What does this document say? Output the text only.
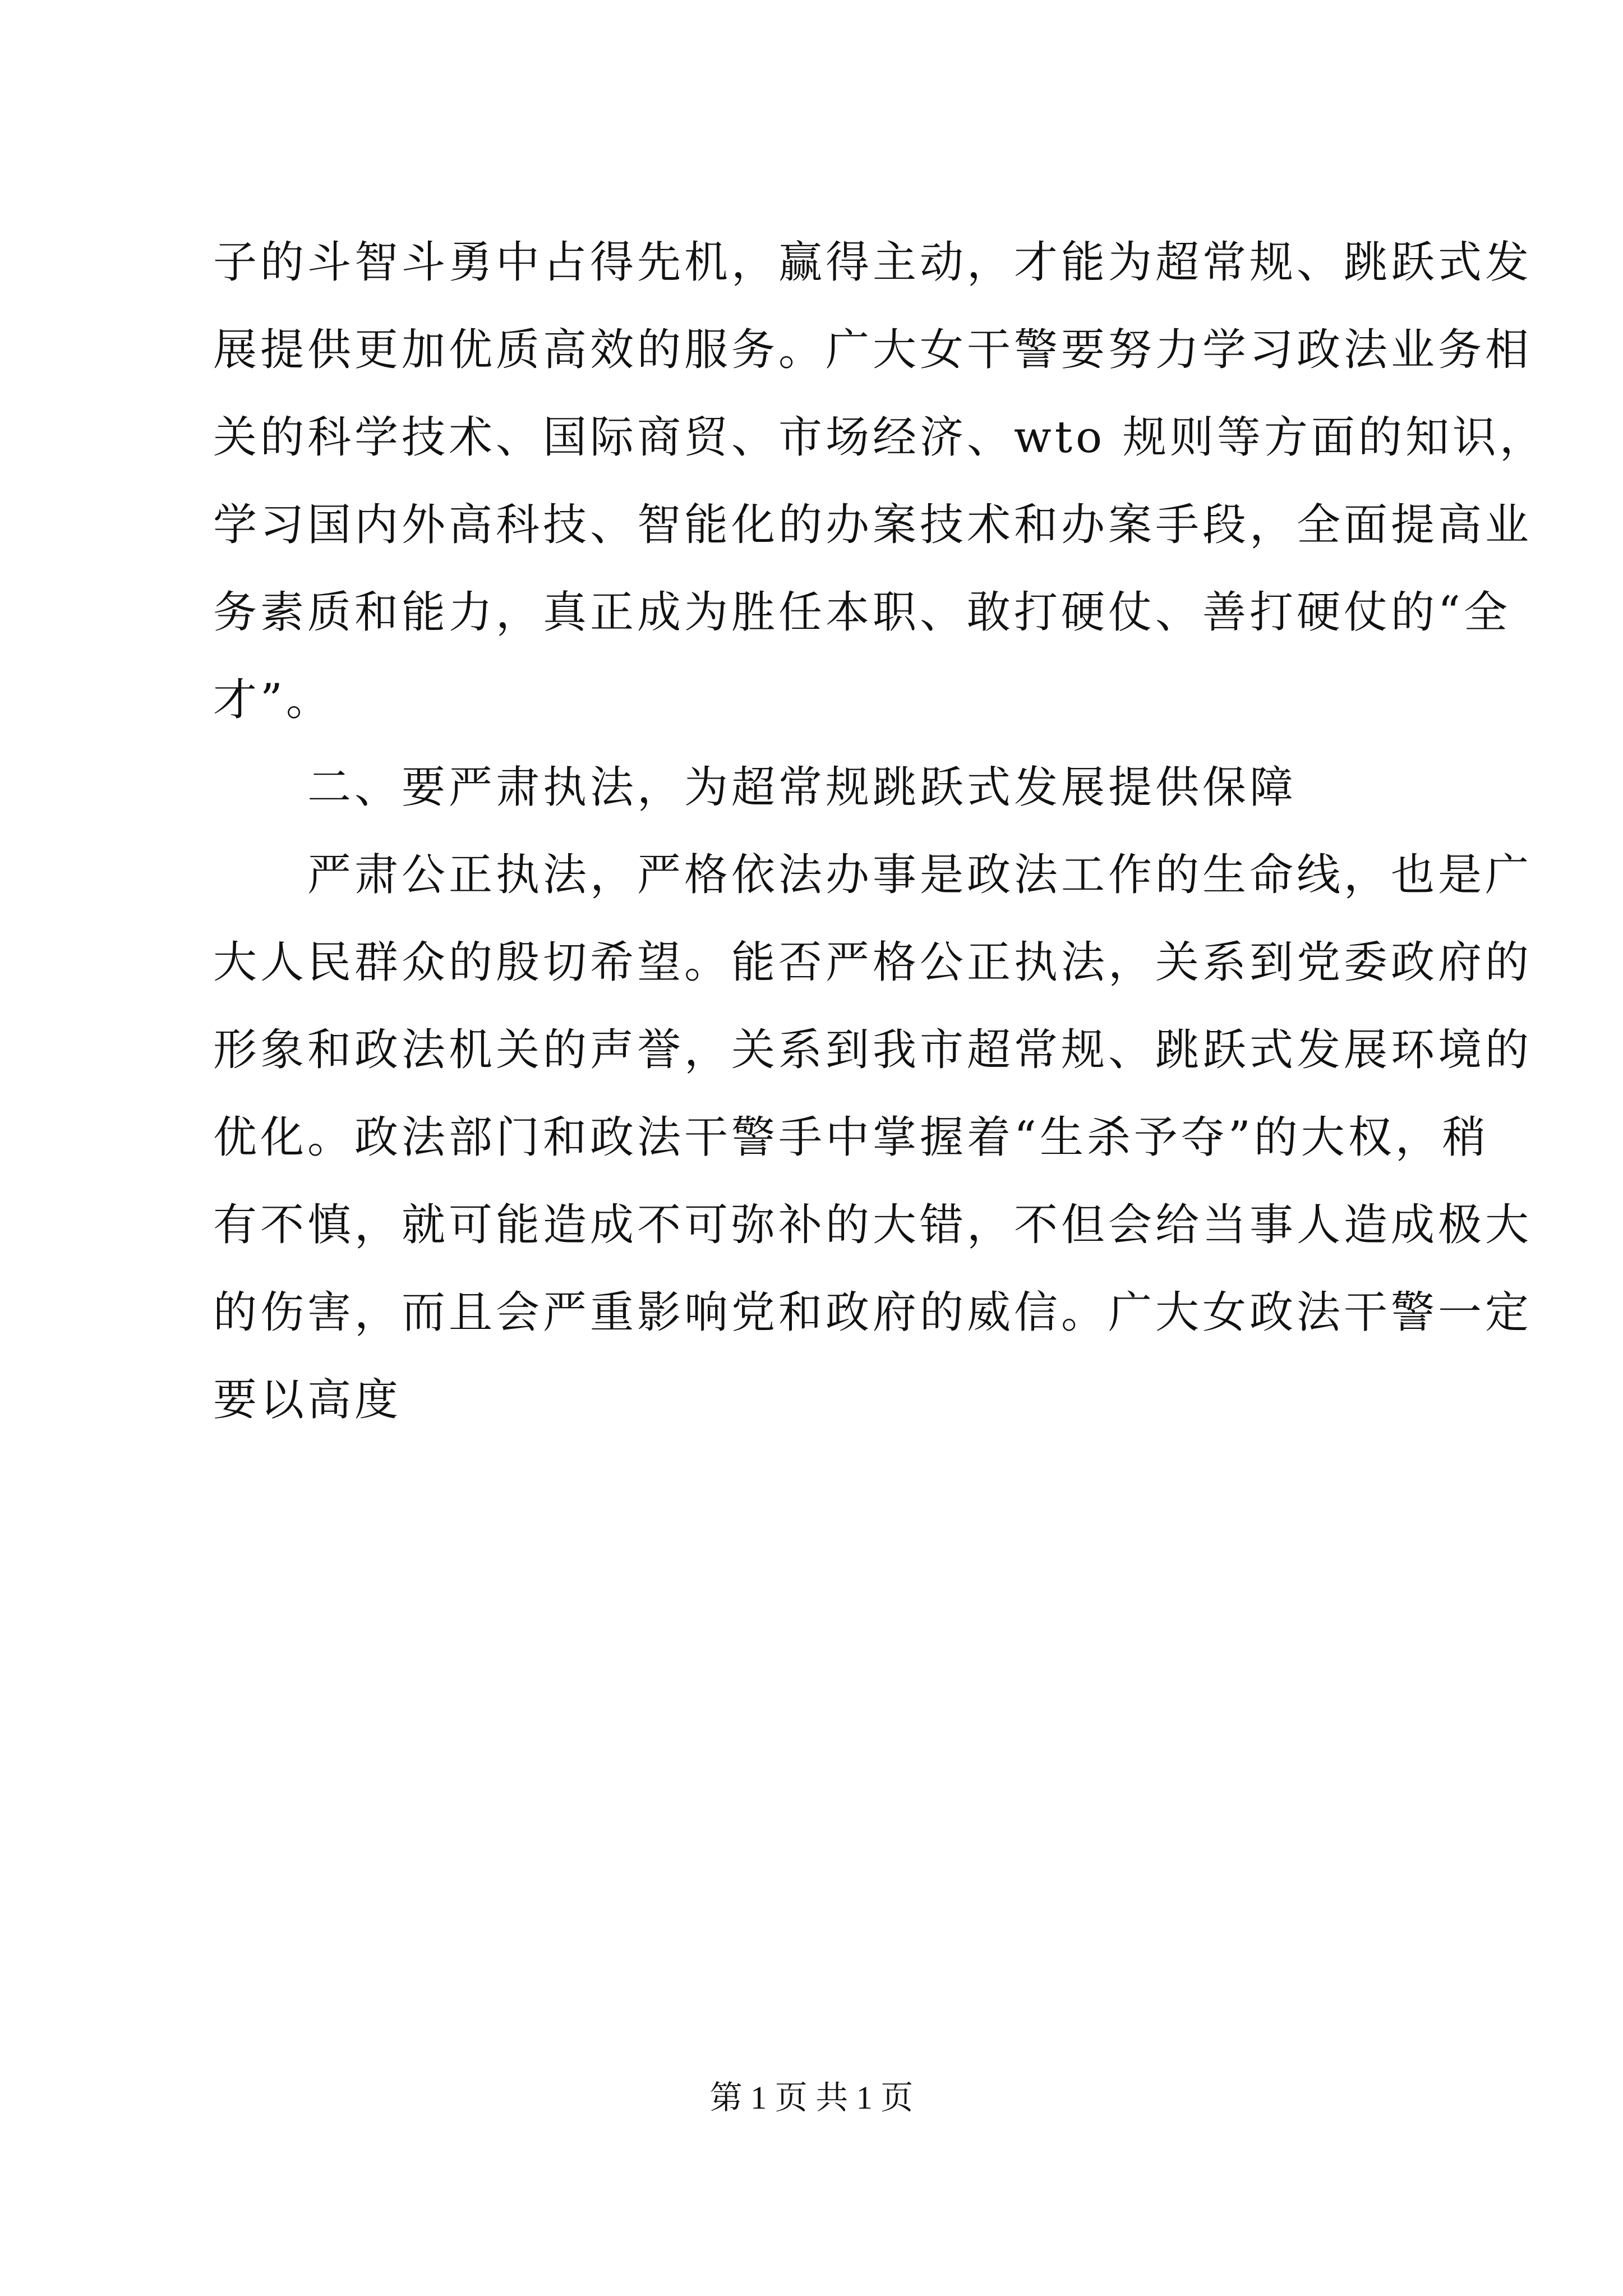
子的斗智斗勇中占得先机，赢得主动，才能为超常规、跳跃式发
展提供更加优质高效的服务。广大女干警要努力学习政法业务相
关的科学技术、国际商贸、市场经济、wto 规则等方面的知识，
学习国内外高科技、智能化的办案技术和办案手段，全面提高业
务素质和能力，真正成为胜任本职、敢打硬仗、善打硬仗的“全
才”。
　　二、要严肃执法，为超常规跳跃式发展提供保障
　　严肃公正执法，严格依法办事是政法工作的生命线，也是广
大人民群众的殷切希望。能否严格公正执法，关系到党委政府的
形象和政法机关的声誉，关系到我市超常规、跳跃式发展环境的
优化。政法部门和政法干警手中掌握着“生杀予夺”的大权，稍
有不慎，就可能造成不可弥补的大错，不但会给当事人造成极大
的伤害，而且会严重影响党和政府的威信。广大女政法干警一定
要以高度
第 1 页 共 1 页
